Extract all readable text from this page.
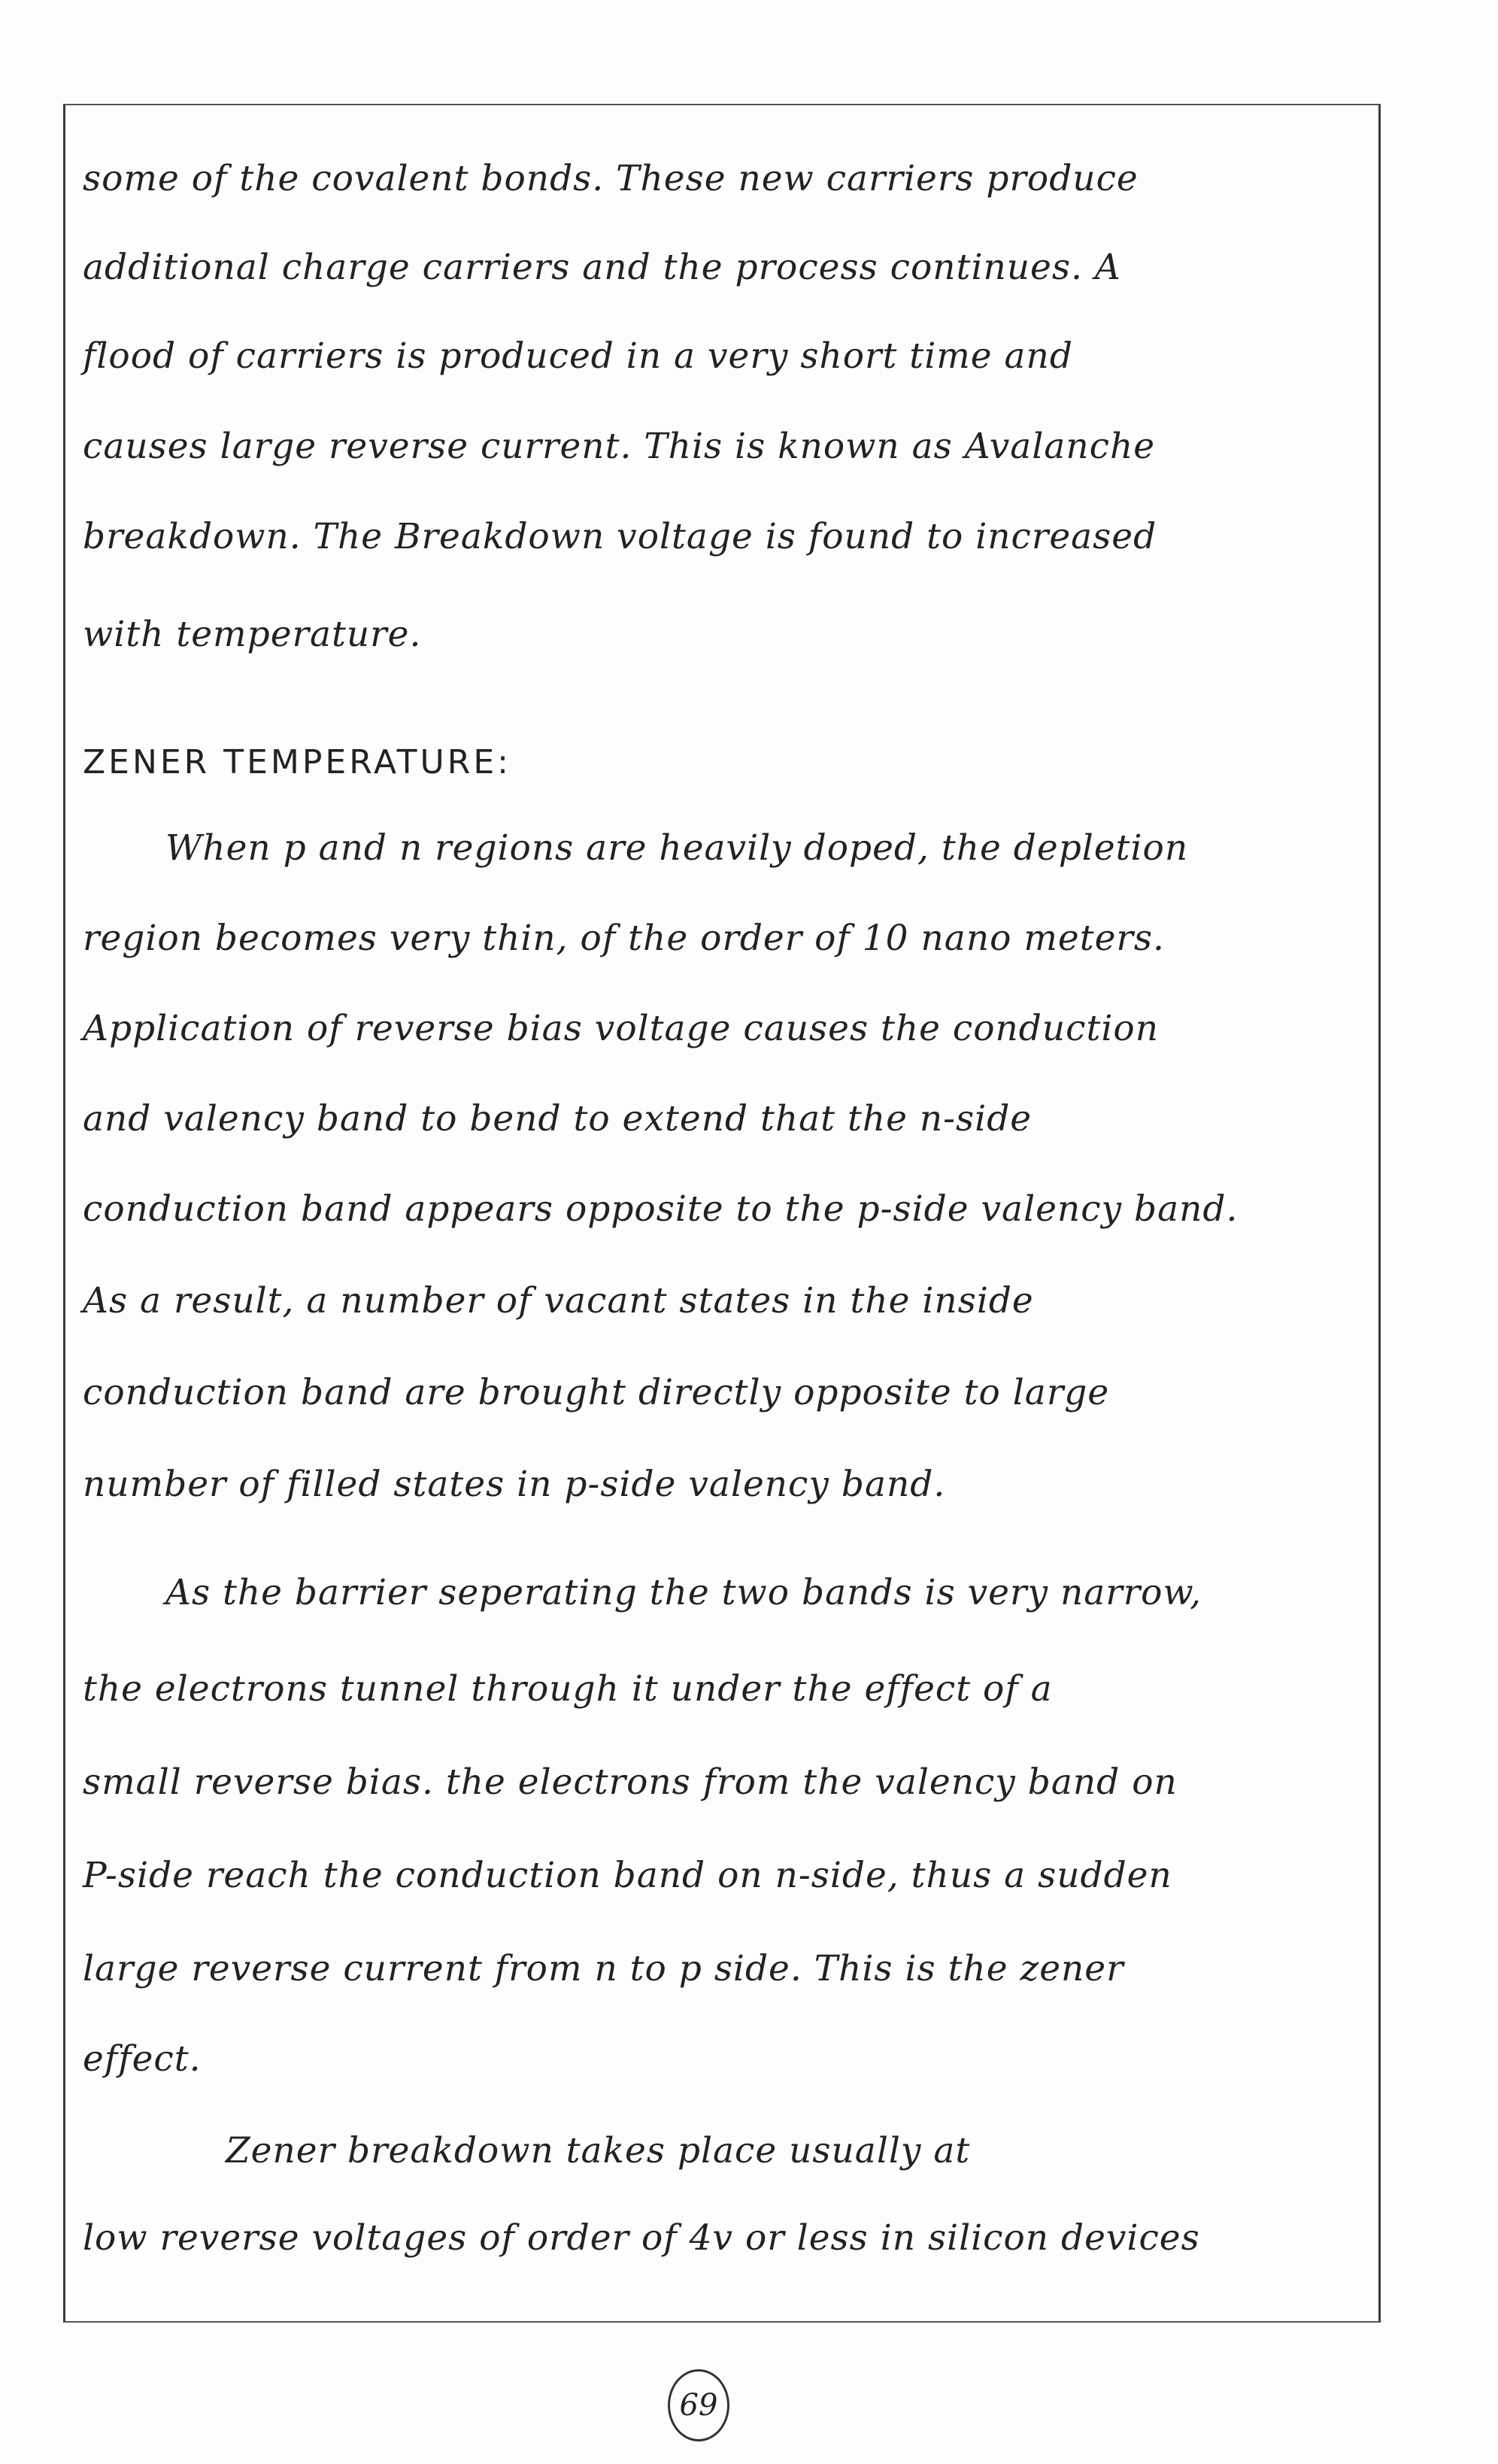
some of the covalent bonds. These new carriers produce
additional charge carriers and the process continues. A
flood of carriers is produced in a very short time and
causes large reverse current. This is known as Avalanche
breakdown. The Breakdown voltage is found to increased
with temperature.
ZENER TEMPERATURE:
When p and n regions are heavily doped, the depletion
region becomes very thin, of the order of 10 nano meters.
Application of reverse bias voltage causes the conduction
and valency band to bend to extend that the n-side
conduction band appears opposite to the p-side valency band.
As a result, a number of vacant states in the inside
conduction band are brought directly opposite to large
number of filled states in p-side valency band.
As the barrier seperating the two bands is very narrow,
the electrons tunnel through it under the effect of a
small reverse bias. the electrons from the valency band on
P-side reach the conduction band on n-side, thus a sudden
large reverse current from n to p side. This is the zener
effect.
Zener breakdown takes place usually at
low reverse voltages of order of 4v or less in silicon devices
69
